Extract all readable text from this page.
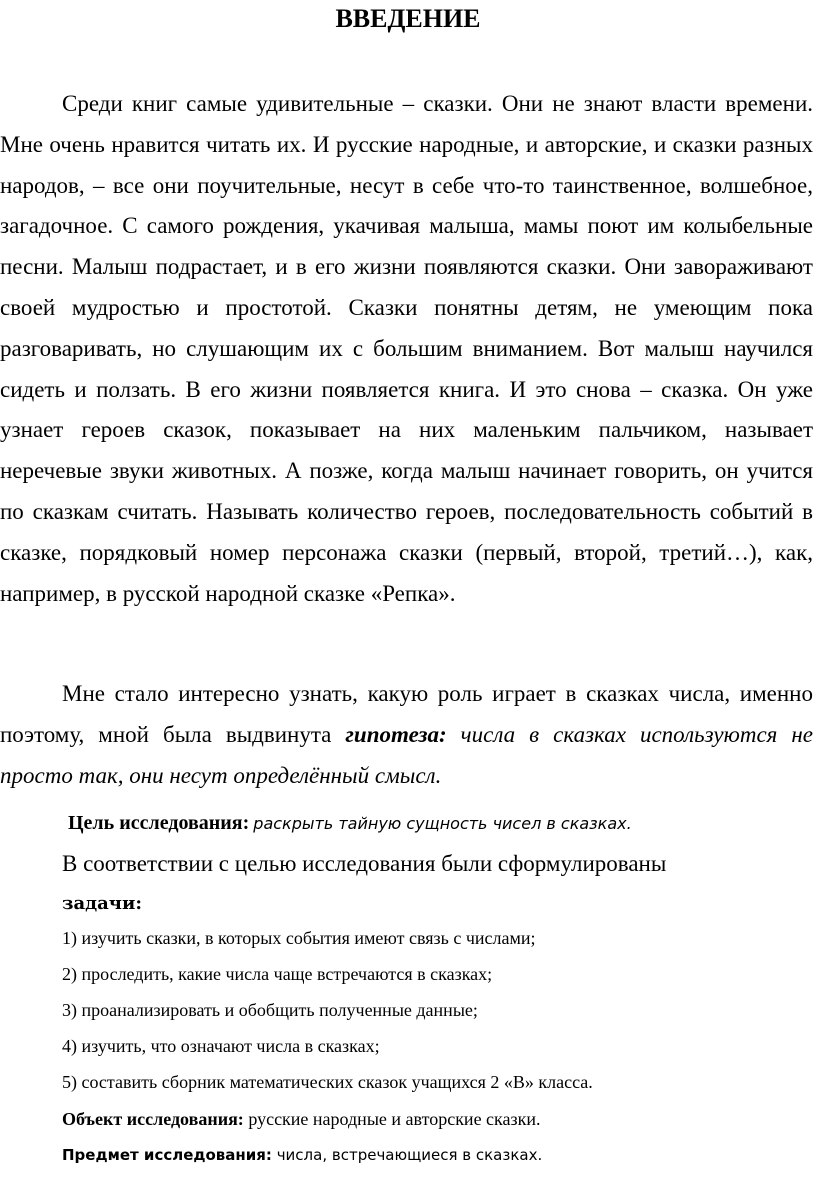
ВВЕДЕНИЕ
Среди книг самые удивительные – сказки. Они не знают власти времени. Мне очень нравится читать их. И русские народные, и авторские, и сказки разных народов, – все они поучительные, несут в себе что-то таинственное, волшебное, загадочное. С самого рождения, укачивая малыша, мамы поют им колыбельные песни. Малыш подрастает, и в его жизни появляются сказки. Они завораживают своей мудростью и простотой. Сказки понятны детям, не умеющим пока разговаривать, но слушающим их с большим вниманием. Вот малыш научился сидеть и ползать. В его жизни появляется книга. И это снова – сказка. Он уже узнает героев сказок, показывает на них маленьким пальчиком, называет неречевые звуки животных. А позже, когда малыш начинает говорить, он учится по сказкам считать. Называть количество героев, последовательность событий в сказке, порядковый номер персонажа сказки (первый, второй, третий…), как, например, в русской народной сказке «Репка».
Мне стало интересно узнать, какую роль играет в сказках числа, именно поэтому, мной была выдвинута гипотеза: числа в сказках используются не просто так, они несут определённый смысл.
Цель исследования: раскрыть тайную сущность чисел в сказках.
В соответствии с целью исследования были сформулированы
задачи:
1) изучить сказки, в которых события имеют связь с числами;
2) проследить, какие числа чаще встречаются в сказках;
3) проанализировать и обобщить полученные данные;
4) изучить, что означают числа в сказках;
5) составить сборник математических сказок учащихся 2 «В» класса.
Объект исследования: русские народные и авторские сказки.
Предмет исследования: числа, встречающиеся в сказках.
